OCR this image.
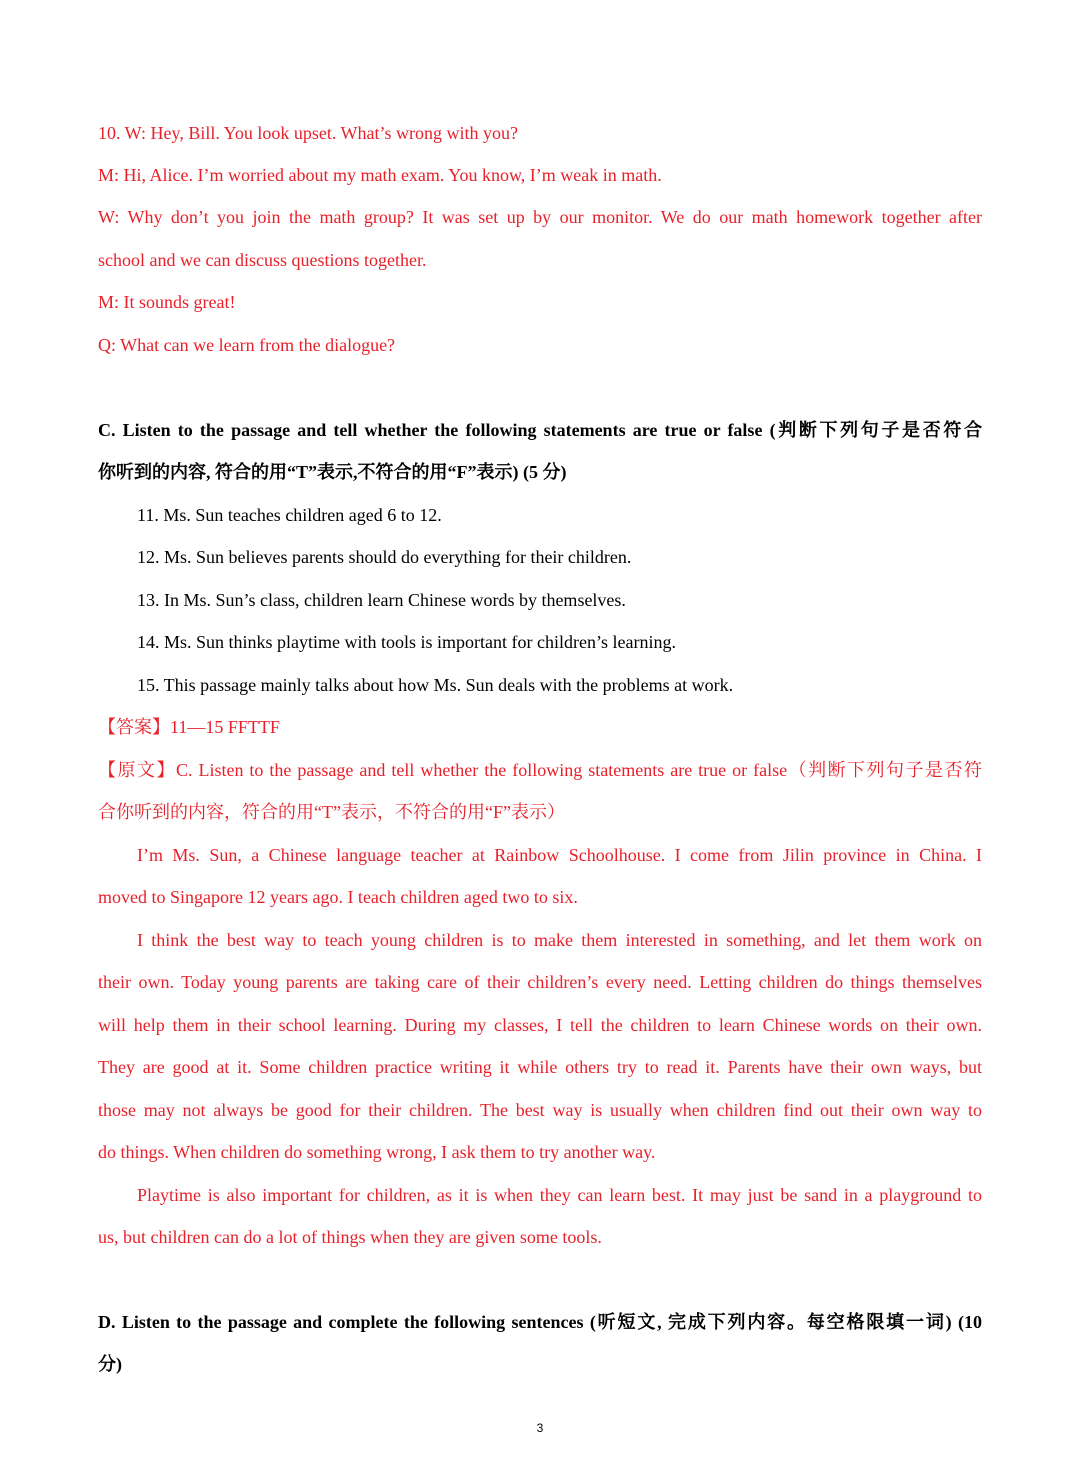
10. W: Hey, Bill. You look upset. What’s wrong with you?
M: Hi, Alice. I’m worried about my math exam. You know, I’m weak in math.
W: Why don’t you join the math group? It was set up by our monitor. We do our math homework together after
school and we can discuss questions together.
M: It sounds great!
Q: What can we learn from the dialogue?
C. Listen to the passage and tell whether the following statements are true or false (判断下列句子是否符合
你听到的内容, 符合的用“T”表示,不符合的用“F”表示) (5 分)
11. Ms. Sun teaches children aged 6 to 12.
12. Ms. Sun believes parents should do everything for their children.
13. In Ms. Sun’s class, children learn Chinese words by themselves.
14. Ms. Sun thinks playtime with tools is important for children’s learning.
15. This passage mainly talks about how Ms. Sun deals with the problems at work.
【答案】11—15 FFTTF
【原文】C. Listen to the passage and tell whether the following statements are true or false（判断下列句子是否符
合你听到的内容，符合的用“T”表示，不符合的用“F”表示）
I’m Ms. Sun, a Chinese language teacher at Rainbow Schoolhouse. I come from Jilin province in China. I
moved to Singapore 12 years ago. I teach children aged two to six.
I think the best way to teach young children is to make them interested in something, and let them work on
their own. Today young parents are taking care of their children’s every need. Letting children do things themselves
will help them in their school learning. During my classes, I tell the children to learn Chinese words on their own.
They are good at it. Some children practice writing it while others try to read it. Parents have their own ways, but
those may not always be good for their children. The best way is usually when children find out their own way to
do things. When children do something wrong, I ask them to try another way.
Playtime is also important for children, as it is when they can learn best. It may just be sand in a playground to
us, but children can do a lot of things when they are given some tools.
D. Listen to the passage and complete the following sentences (听短文, 完成下列内容。每空格限填一词) (10
分)
3
